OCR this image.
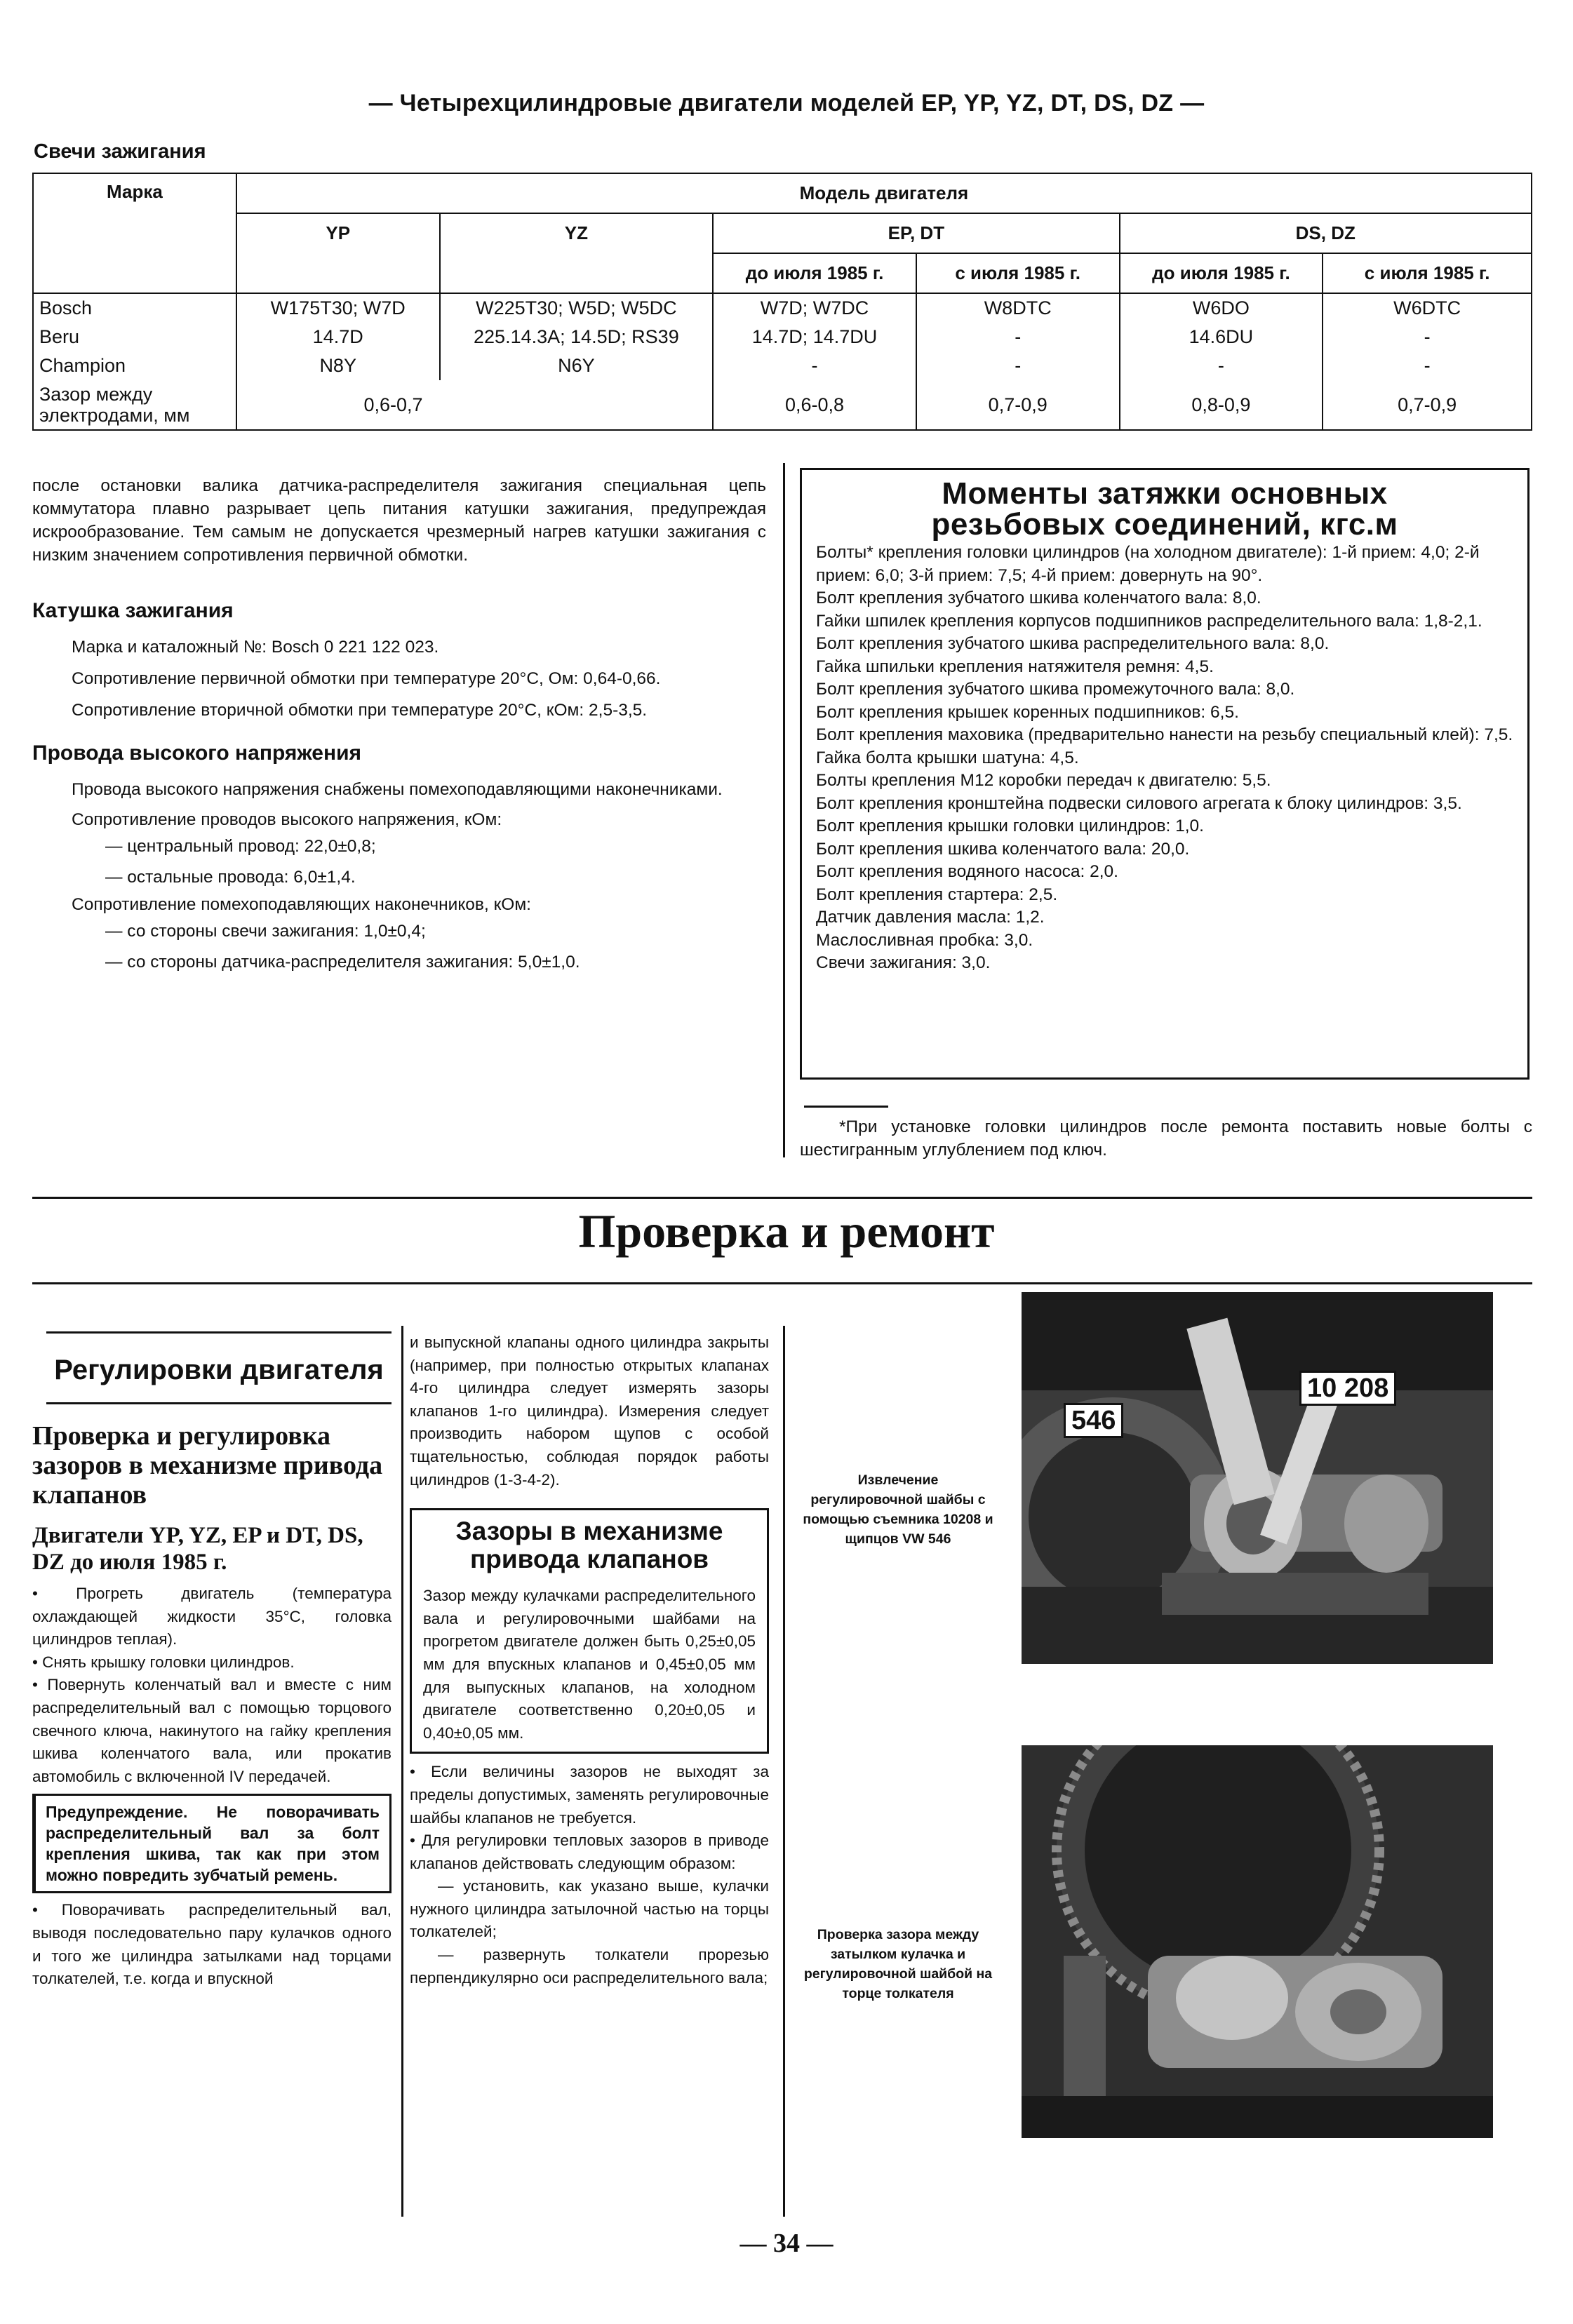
— Четырехцилиндровые двигатели моделей EP, YP, YZ, DT, DS, DZ —
Свечи зажигания
Марка	Модель двигателя					
	YP	YZ	EP, DT		DS, DZ	
			до июля 1985 г.	с июля 1985 г.	до июля 1985 г.	с июля 1985 г.
Bosch	W175T30; W7D	W225T30; W5D; W5DC	W7D; W7DC	W8DTC	W6DO	W6DTC
Beru	14.7D	225.14.3A; 14.5D; RS39	14.7D; 14.7DU	-	14.6DU	-
Champion	N8Y	N6Y	-	-	-	-
Зазор между электродами, мм	0,6-0,7		0,6-0,8	0,7-0,9	0,8-0,9	0,7-0,9
после остановки валика датчика-распределителя зажигания специальная цепь коммутатора плавно разрывает цепь питания катушки зажигания, предупреждая искрообразование. Тем самым не допускается чрезмерный нагрев катушки зажигания с низким значением сопротивления первичной обмотки.
Катушка зажигания
Марка и каталожный №: Bosch 0 221 122 023.
Сопротивление первичной обмотки при температуре 20°C, Ом: 0,64-0,66.
Сопротивление вторичной обмотки при температуре 20°C, кОм: 2,5-3,5.
Провода высокого напряжения
Провода высокого напряжения снабжены помехоподавляющими наконечниками.
Сопротивление проводов высокого напряжения, кОм:
— центральный провод: 22,0±0,8;
— остальные провода: 6,0±1,4.
Сопротивление помехоподавляющих наконечников, кОм:
— со стороны свечи зажигания: 1,0±0,4;
— со стороны датчика-распределителя зажигания: 5,0±1,0.
Моменты затяжки основных
резьбовых соединений, кгс.м
Болты* крепления головки цилиндров (на холодном двигателе): 1-й прием: 4,0; 2-й прием: 6,0; 3-й прием: 7,5; 4-й прием: довернуть на 90°.
Болт крепления зубчатого шкива коленчатого вала: 8,0.
Гайки шпилек крепления корпусов подшипников распределительного вала: 1,8-2,1.
Болт крепления зубчатого шкива распределительного вала: 8,0.
Гайка шпильки крепления натяжителя ремня: 4,5.
Болт крепления зубчатого шкива промежуточного вала: 8,0.
Болт крепления крышек коренных подшипников: 6,5.
Болт крепления маховика (предварительно нанести на резьбу специальный клей): 7,5.
Гайка болта крышки шатуна: 4,5.
Болты крепления М12 коробки передач к двигателю: 5,5.
Болт крепления кронштейна подвески силового агрегата к блоку цилиндров: 3,5.
Болт крепления крышки головки цилиндров: 1,0.
Болт крепления шкива коленчатого вала: 20,0.
Болт крепления водяного насоса: 2,0.
Болт крепления стартера: 2,5.
Датчик давления масла: 1,2.
Маслосливная пробка: 3,0.
Свечи зажигания: 3,0.
*При установке головки цилиндров после ремонта поставить новые болты с шестигранным углублением под ключ.
Проверка и ремонт
Регулировки двигателя
Проверка и регулировка зазоров в механизме привода клапанов
Двигатели YP, YZ, EP и DT, DS, DZ до июля 1985 г.
• Прогреть двигатель (температура охлаждающей жидкости 35°C, головка цилиндров теплая).
• Снять крышку головки цилиндров.
• Повернуть коленчатый вал и вместе с ним распределительный вал с помощью торцового свечного ключа, накинутого на гайку крепления шкива коленчатого вала, или прокатив автомобиль с включенной IV передачей.
Предупреждение. Не поворачивать распределительный вал за болт крепления шкива, так как при этом можно повредить зубчатый ремень.
• Поворачивать распределительный вал, выводя последовательно пару кулачков одного и того же цилиндра затылками над торцами толкателей, т.е. когда и впускной
и выпускной клапаны одного цилиндра закрыты (например, при полностью открытых клапанах 4-го цилиндра следует измерять зазоры клапанов 1-го цилиндра). Измерения следует производить набором щупов с особой тщательностью, соблюдая порядок работы цилиндров (1-3-4-2).
Зазоры в механизме привода клапанов
Зазор между кулачками распределительного вала и регулировочными шайбами на прогретом двигателе должен быть 0,25±0,05 мм для впускных клапанов и 0,45±0,05 мм для выпускных клапанов, на холодном двигателе соответственно 0,20±0,05 и 0,40±0,05 мм.
• Если величины зазоров не выходят за пределы допустимых, заменять регулировочные шайбы клапанов не требуется.
• Для регулировки тепловых зазоров в приводе клапанов действовать следующим образом:
— установить, как указано выше, кулачки нужного цилиндра затылочной частью на торцы толкателей;
— развернуть толкатели прорезью перпендикулярно оси распределительного вала;
Извлечение регулировочной шайбы с помощью съемника 10208 и щипцов VW 546
546
10 208
Проверка зазора между затылком кулачка и регулировочной шайбой на торце толкателя
— 34 —
